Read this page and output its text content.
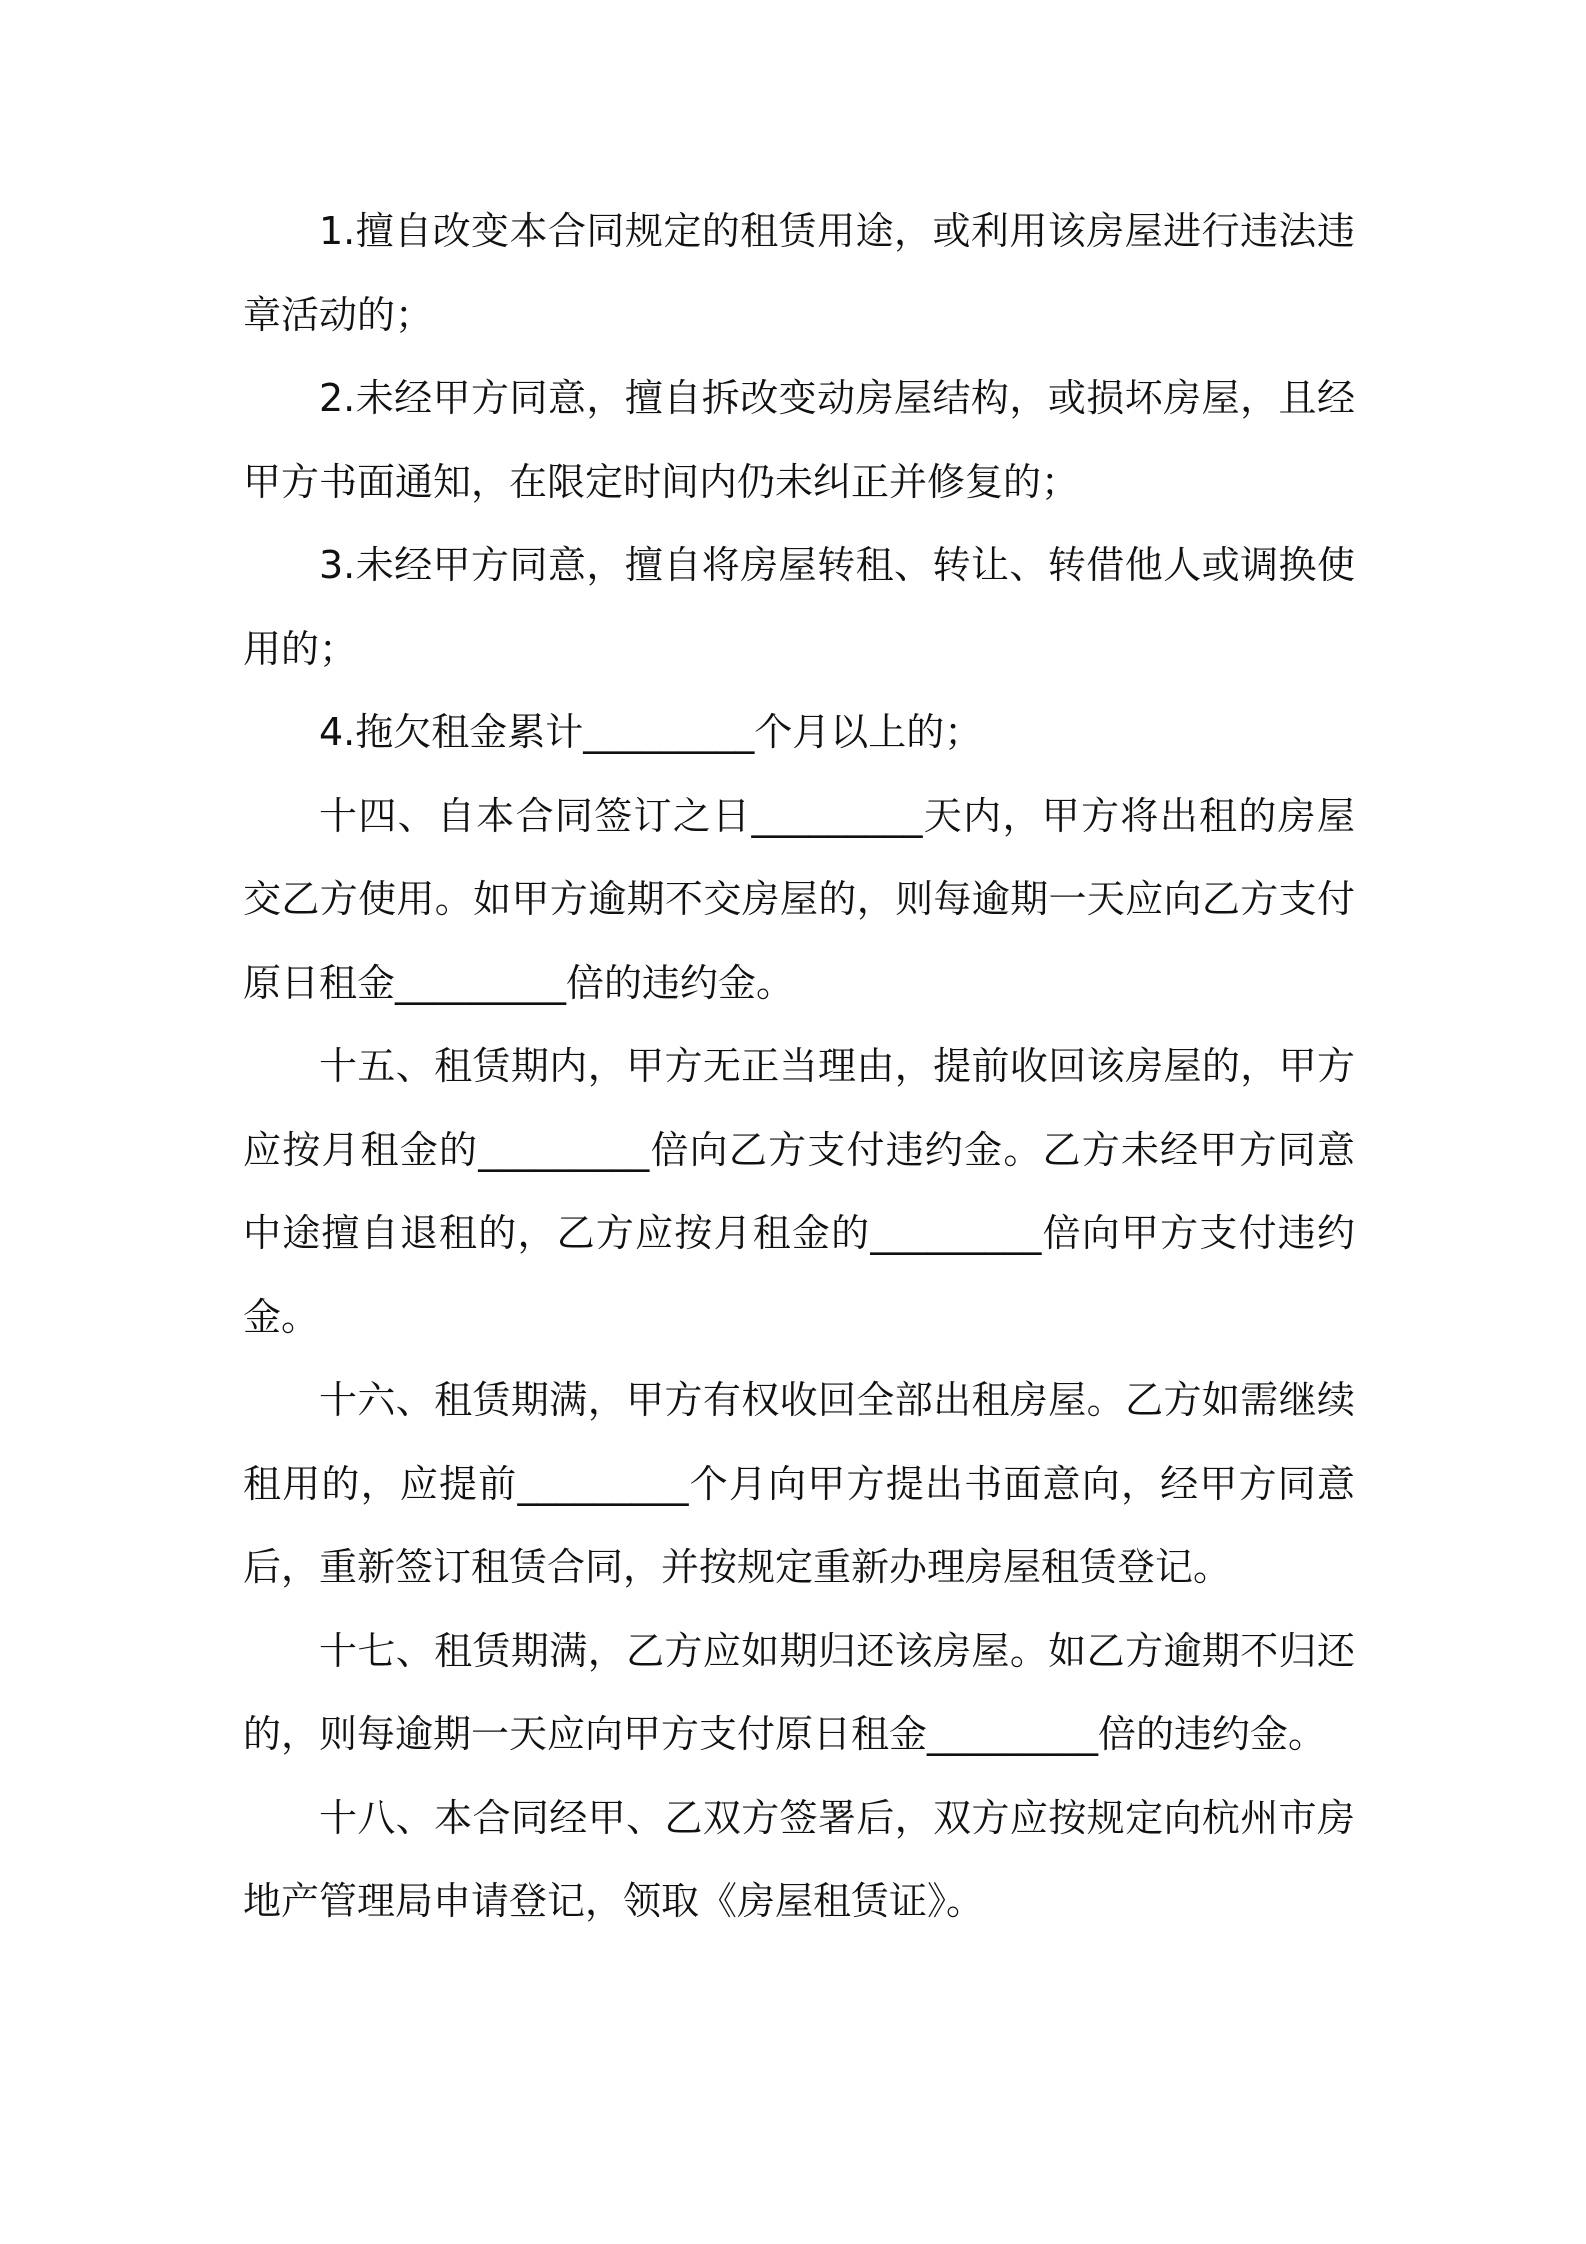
1.擅自改变本合同规定的租赁用途，或利用该房屋进行违法违章活动的；

2.未经甲方同意，擅自拆改变动房屋结构，或损坏房屋，且经甲方书面通知，在限定时间内仍未纠正并修复的；

3.未经甲方同意，擅自将房屋转租、转让、转借他人或调换使用的；

4.拖欠租金累计_________个月以上的；

十四、自本合同签订之日_________天内，甲方将出租的房屋交乙方使用。如甲方逾期不交房屋的，则每逾期一天应向乙方支付原日租金_________倍的违约金。

十五、租赁期内，甲方无正当理由，提前收回该房屋的，甲方应按月租金的_________倍向乙方支付违约金。乙方未经甲方同意中途擅自退租的，乙方应按月租金的_________倍向甲方支付违约金。

十六、租赁期满，甲方有权收回全部出租房屋。乙方如需继续租用的，应提前_________个月向甲方提出书面意向，经甲方同意后，重新签订租赁合同，并按规定重新办理房屋租赁登记。

十七、租赁期满，乙方应如期归还该房屋。如乙方逾期不归还的，则每逾期一天应向甲方支付原日租金_________倍的违约金。

十八、本合同经甲、乙双方签署后，双方应按规定向杭州市房地产管理局申请登记，领取《房屋租赁证》。
